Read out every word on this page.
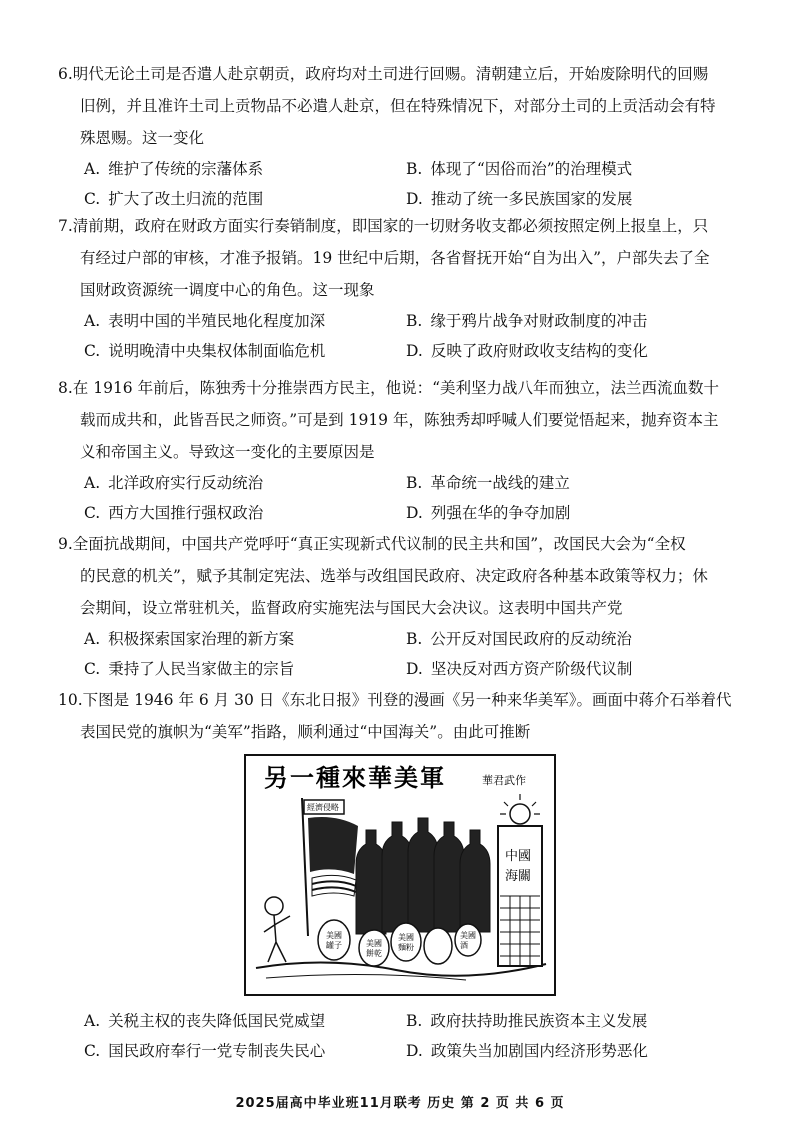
6.明代无论土司是否遣人赴京朝贡，政府均对土司进行回赐。清朝建立后，开始废除明代的回赐

旧例，并且准许土司上贡物品不必遣人赴京，但在特殊情况下，对部分土司的上贡活动会有特

殊恩赐。这一变化

A. 维护了传统的宗藩体系	B. 体现了“因俗而治”的治理模式
C. 扩大了改土归流的范围	D. 推动了统一多民族国家的发展

7.清前期，政府在财政方面实行奏销制度，即国家的一切财务收支都必须按照定例上报皇上，只

有经过户部的审核，才准予报销。19 世纪中后期，各省督抚开始“自为出入”，户部失去了全

国财政资源统一调度中心的角色。这一现象

A. 表明中国的半殖民地化程度加深	B. 缘于鸦片战争对财政制度的冲击
C. 说明晚清中央集权体制面临危机	D. 反映了政府财政收支结构的变化

8.在 1916 年前后，陈独秀十分推崇西方民主，他说：“美利坚力战八年而独立，法兰西流血数十

载而成共和，此皆吾民之师资。”可是到 1919 年，陈独秀却呼喊人们要觉悟起来，抛弃资本主

义和帝国主义。导致这一变化的主要原因是

A. 北洋政府实行反动统治	B. 革命统一战线的建立
C. 西方大国推行强权政治	D. 列强在华的争夺加剧

9.全面抗战期间，中国共产党呼吁“真正实现新式代议制的民主共和国”，改国民大会为“全权

的民意的机关”，赋予其制定宪法、选举与改组国民政府、决定政府各种基本政策等权力；休

会期间，设立常驻机关，监督政府实施宪法与国民大会决议。这表明中国共产党

A. 积极探索国家治理的新方案	B. 公开反对国民政府的反动统治
C. 秉持了人民当家做主的宗旨	D. 坚决反对西方资产阶级代议制

10.下图是 1946 年 6 月 30 日《东北日报》刊登的漫画《另一种来华美军》。画面中蒋介石举着代

表国民党的旗帜为“美军”指路，顺利通过“中国海关”。由此可推断

另一種來華美軍	華君武作
經濟侵略
美國
罐子	美國
餅乾
美國
麵粉
美國
酒
中國
海關
A. 关税主权的丧失降低国民党威望	B. 政府扶持助推民族资本主义发展
C. 国民政府奉行一党专制丧失民心	D. 政策失当加剧国内经济形势恶化
2025届高中毕业班11月联考 历史 第 2 页 共 6 页
